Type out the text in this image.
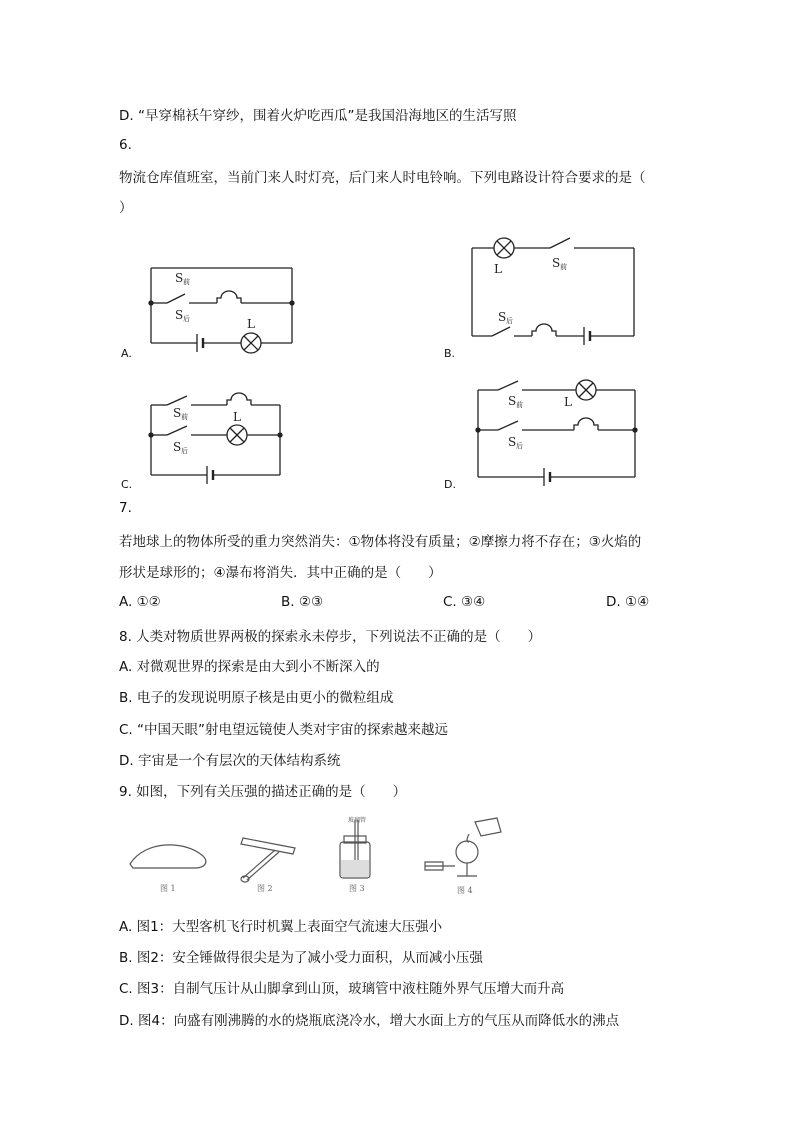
D. “早穿棉袄午穿纱，围着火炉吃西瓜”是我国沿海地区的生活写照
6.
物流仓库值班室，当前门来人时灯亮，后门来人时电铃响。下列电路设计符合要求的是（
）
S 前
S 后	L
A.
L	S 前
S 后
B.
S 前
S 后
L
C.
S 前	L
S 后
D.
7.
若地球上的物体所受的重力突然消失：①物体将没有质量；②摩擦力将不存在；③火焰的
形状是球形的；④瀑布将消失．其中正确的是（　　）
A. ①②	B. ②③	C. ③④	D. ①④
8. 人类对物质世界两极的探索永未停步，下列说法不正确的是（　　）
A. 对微观世界的探索是由大到小不断深入的
B. 电子的发现说明原子核是由更小的微粒组成
C. “中国天眼”射电望远镜使人类对宇宙的探索越来越远
D. 宇宙是一个有层次的天体结构系统
9. 如图，下列有关压强的描述正确的是（　　）
玻璃管
图 1	图 2	图 3	图 4
A. 图1：大型客机飞行时机翼上表面空气流速大压强小
B. 图2：安全锤做得很尖是为了减小受力面积，从而减小压强
C. 图3：自制气压计从山脚拿到山顶，玻璃管中液柱随外界气压增大而升高
D. 图4：向盛有刚沸腾的水的烧瓶底浇冷水，增大水面上方的气压从而降低水的沸点
